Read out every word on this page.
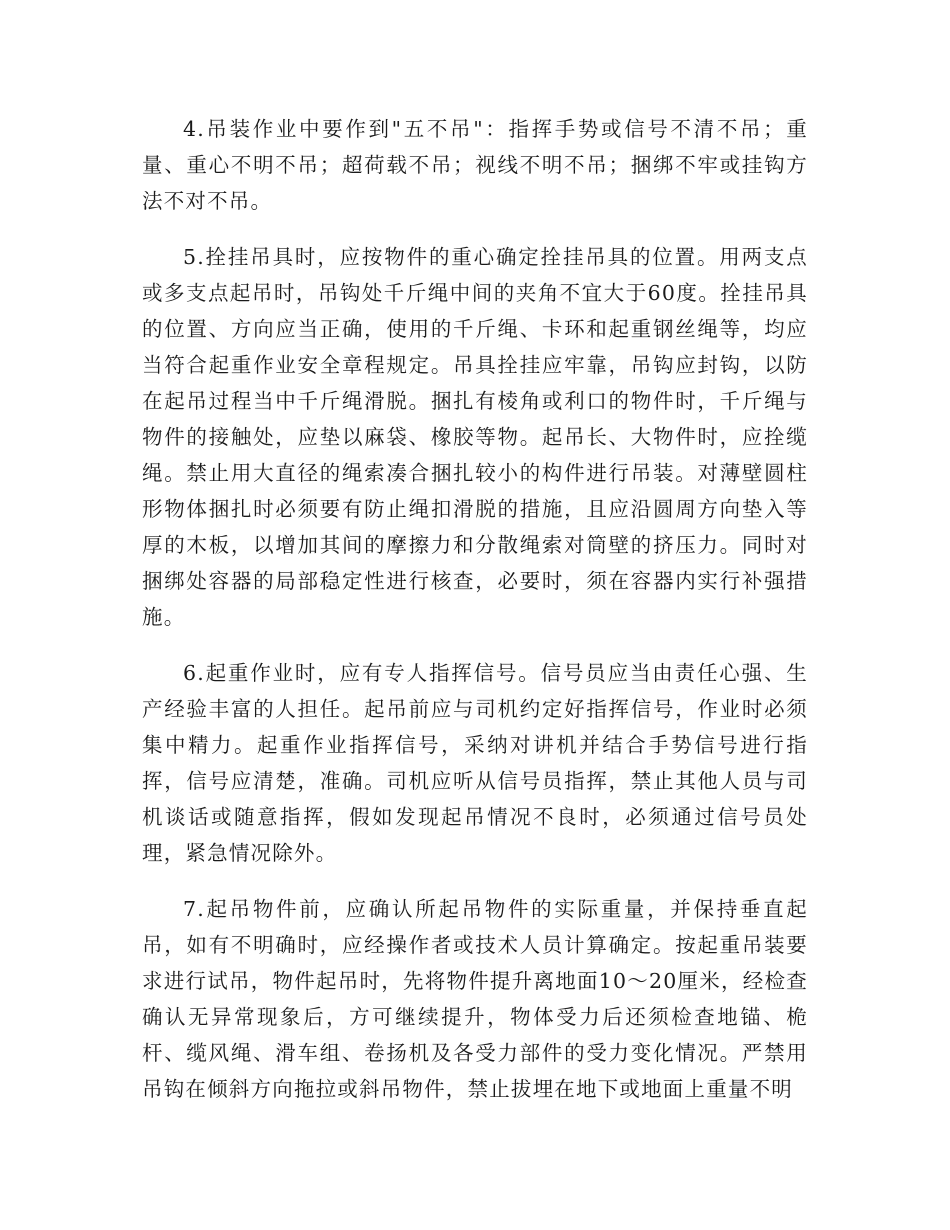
4.吊装作业中要作到"五不吊"：指挥手势或信号不清不吊；重量、重心不明不吊；超荷载不吊；视线不明不吊；捆绑不牢或挂钩方法不对不吊。

5.拴挂吊具时，应按物件的重心确定拴挂吊具的位置。用两支点或多支点起吊时，吊钩处千斤绳中间的夹角不宜大于60度。拴挂吊具的位置、方向应当正确，使用的千斤绳、卡环和起重钢丝绳等，均应当符合起重作业安全章程规定。吊具拴挂应牢靠，吊钩应封钩，以防在起吊过程当中千斤绳滑脱。捆扎有棱角或利口的物件时，千斤绳与物件的接触处，应垫以麻袋、橡胶等物。起吊长、大物件时，应拴缆绳。禁止用大直径的绳索凑合捆扎较小的构件进行吊装。对薄壁圆柱形物体捆扎时必须要有防止绳扣滑脱的措施，且应沿圆周方向垫入等厚的木板，以增加其间的摩擦力和分散绳索对筒壁的挤压力。同时对捆绑处容器的局部稳定性进行核查，必要时，须在容器内实行补强措施。

6.起重作业时，应有专人指挥信号。信号员应当由责任心强、生产经验丰富的人担任。起吊前应与司机约定好指挥信号，作业时必须集中精力。起重作业指挥信号，采纳对讲机并结合手势信号进行指挥，信号应清楚，准确。司机应听从信号员指挥，禁止其他人员与司机谈话或随意指挥，假如发现起吊情况不良时，必须通过信号员处理，紧急情况除外。

7.起吊物件前，应确认所起吊物件的实际重量，并保持垂直起吊，如有不明确时，应经操作者或技术人员计算确定。按起重吊装要求进行试吊，物件起吊时，先将物件提升离地面10～20厘米，经检查确认无异常现象后，方可继续提升，物体受力后还须检查地锚、桅杆、缆风绳、滑车组、卷扬机及各受力部件的受力变化情况。严禁用吊钩在倾斜方向拖拉或斜吊物件，禁止拔埋在地下或地面上重量不明
